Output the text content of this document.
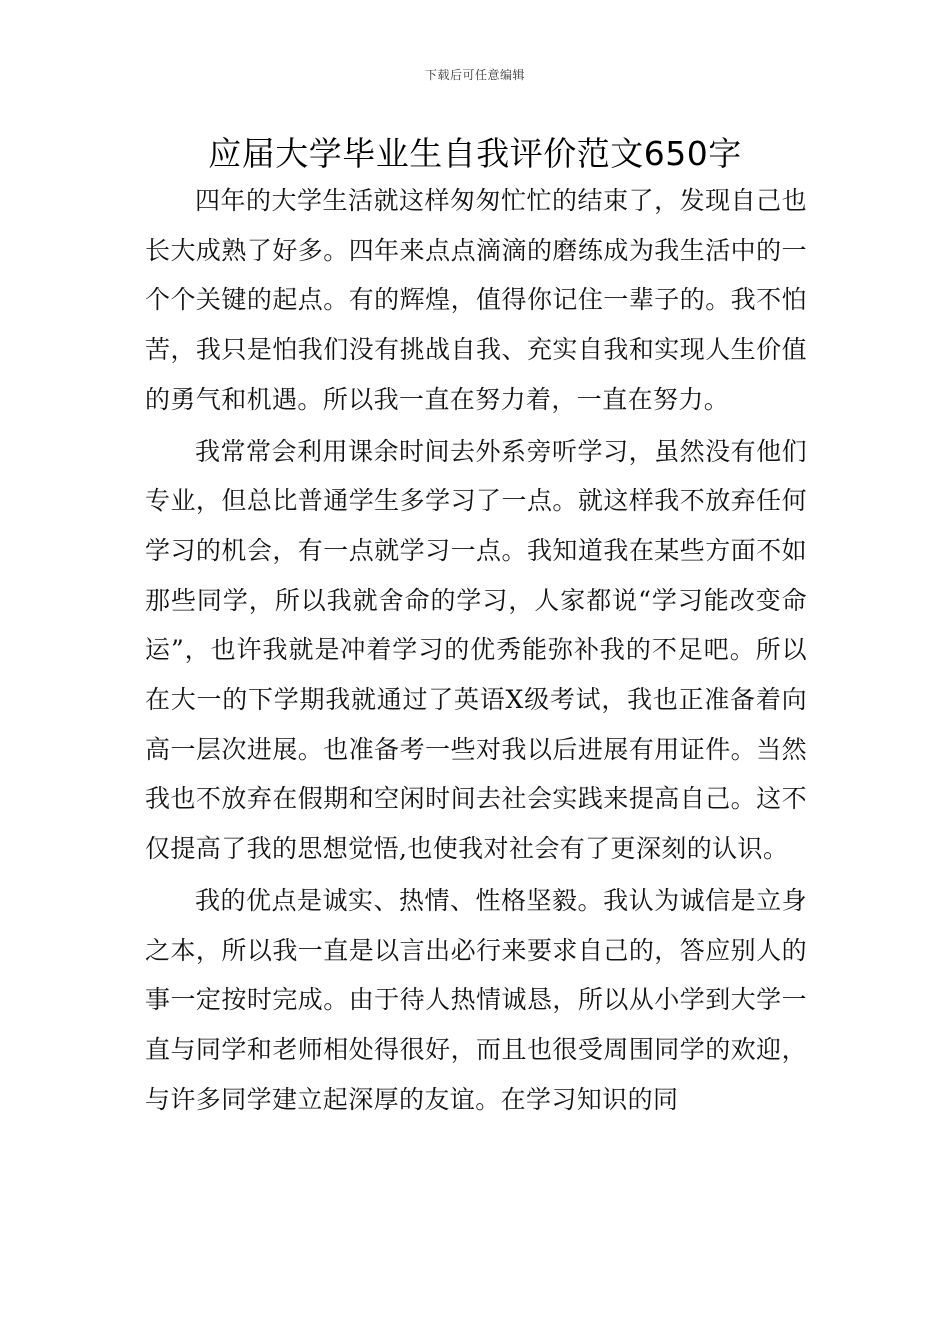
下载后可任意编辑
应届大学毕业生自我评价范文650字

四年的大学生活就这样匆匆忙忙的结束了，发现自己也长大成熟了好多。四年来点点滴滴的磨练成为我生活中的一个个关键的起点。有的辉煌，值得你记住一辈子的。我不怕苦，我只是怕我们没有挑战自我、充实自我和实现人生价值的勇气和机遇。所以我一直在努力着，一直在努力。

我常常会利用课余时间去外系旁听学习，虽然没有他们专业，但总比普通学生多学习了一点。就这样我不放弃任何学习的机会，有一点就学习一点。我知道我在某些方面不如那些同学，所以我就舍命的学习，人家都说“学习能改变命运”，也许我就是冲着学习的优秀能弥补我的不足吧。所以在大一的下学期我就通过了英语X级考试，我也正准备着向高一层次进展。也准备考一些对我以后进展有用证件。当然我也不放弃在假期和空闲时间去社会实践来提高自己。这不仅提高了我的思想觉悟,也使我对社会有了更深刻的认识。

我的优点是诚实、热情、性格坚毅。我认为诚信是立身之本，所以我一直是以言出必行来要求自己的，答应别人的事一定按时完成。由于待人热情诚恳，所以从小学到大学一直与同学和老师相处得很好，而且也很受周围同学的欢迎，与许多同学建立起深厚的友谊。在学习知识的同
